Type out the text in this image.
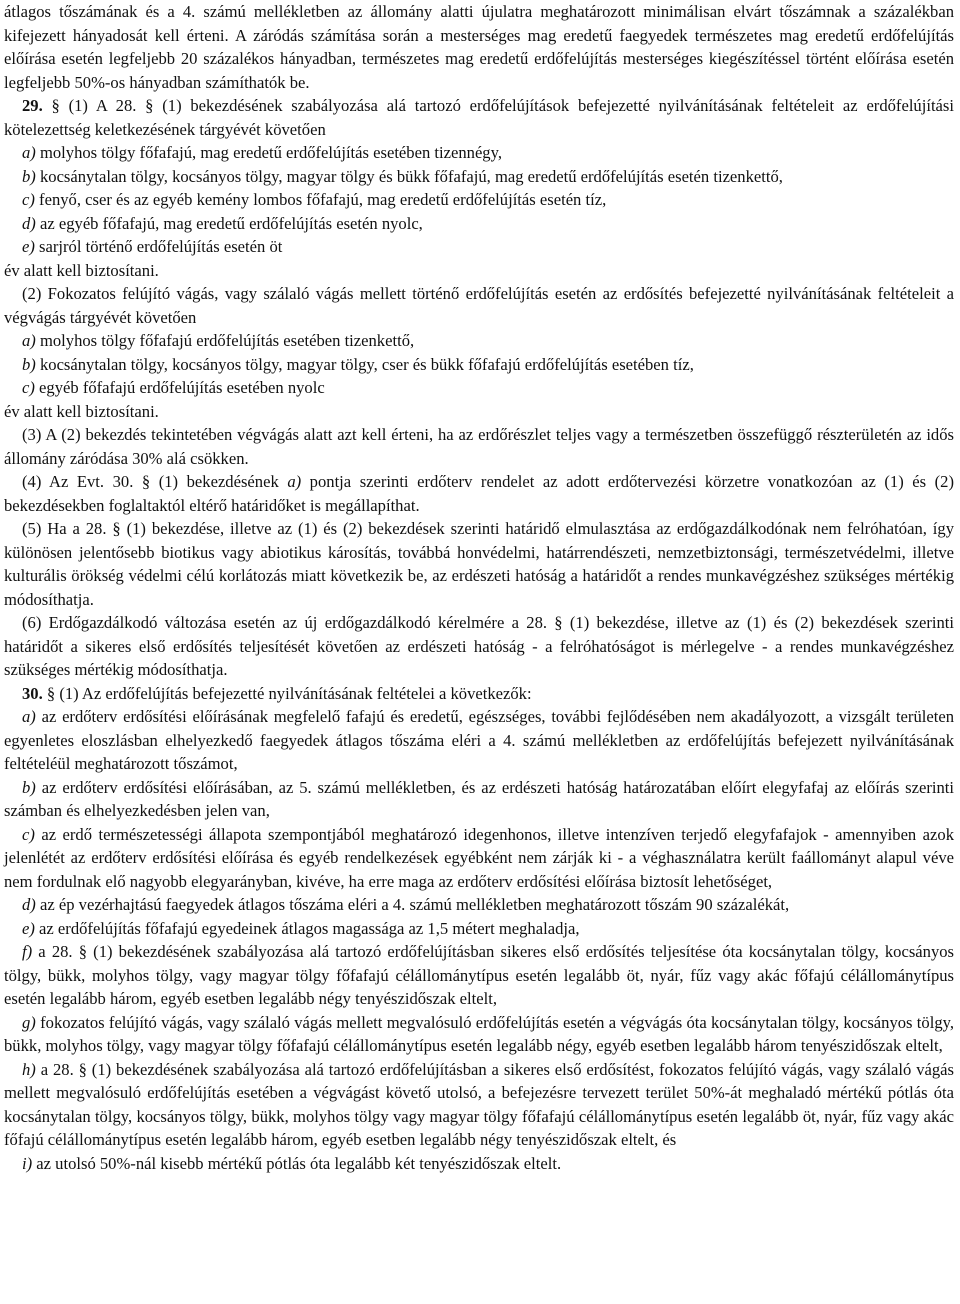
átlagos tőszámának és a 4. számú mellékletben az állomány alatti újulatra meghatározott minimálisan elvárt tőszámnak a százalékban kifejezett hányadosát kell érteni. A záródás számítása során a mesterséges mag eredetű faegyedek természetes mag eredetű erdőfelújítás előírása esetén legfeljebb 20 százalékos hányadban, természetes mag eredetű erdőfelújítás mesterséges kiegészítéssel történt előírása esetén legfeljebb 50%-os hányadban számíthatók be.

29. § (1) A 28. § (1) bekezdésének szabályozása alá tartozó erdőfelújítások befejezetté nyilvánításának feltételeit az erdőfelújítási kötelezettség keletkezésének tárgyévét követően

a) molyhos tölgy főfafajú, mag eredetű erdőfelújítás esetében tizennégy,

b) kocsánytalan tölgy, kocsányos tölgy, magyar tölgy és bükk főfafajú, mag eredetű erdőfelújítás esetén tizenkettő,

c) fenyő, cser és az egyéb kemény lombos főfafajú, mag eredetű erdőfelújítás esetén tíz,

d) az egyéb főfafajú, mag eredetű erdőfelújítás esetén nyolc,

e) sarjról történő erdőfelújítás esetén öt

év alatt kell biztosítani.

(2) Fokozatos felújító vágás, vagy szálaló vágás mellett történő erdőfelújítás esetén az erdősítés befejezetté nyilvánításának feltételeit a végvágás tárgyévét követően

a) molyhos tölgy főfafajú erdőfelújítás esetében tizenkettő,

b) kocsánytalan tölgy, kocsányos tölgy, magyar tölgy, cser és bükk főfafajú erdőfelújítás esetében tíz,

c) egyéb főfafajú erdőfelújítás esetében nyolc

év alatt kell biztosítani.

(3) A (2) bekezdés tekintetében végvágás alatt azt kell érteni, ha az erdőrészlet teljes vagy a természetben összefüggő részterületén az idős állomány záródása 30% alá csökken.

(4) Az Evt. 30. § (1) bekezdésének a) pontja szerinti erdőterv rendelet az adott erdőtervezési körzetre vonatkozóan az (1) és (2) bekezdésekben foglaltaktól eltérő határidőket is megállapíthat.

(5) Ha a 28. § (1) bekezdése, illetve az (1) és (2) bekezdések szerinti határidő elmulasztása az erdőgazdálkodónak nem felróhatóan, így különösen jelentősebb biotikus vagy abiotikus károsítás, továbbá honvédelmi, határrendészeti, nemzetbiztonsági, természetvédelmi, illetve kulturális örökség védelmi célú korlátozás miatt következik be, az erdészeti hatóság a határidőt a rendes munkavégzéshez szükséges mértékig módosíthatja.

(6) Erdőgazdálkodó változása esetén az új erdőgazdálkodó kérelmére a 28. § (1) bekezdése, illetve az (1) és (2) bekezdések szerinti határidőt a sikeres első erdősítés teljesítését követően az erdészeti hatóság - a felróhatóságot is mérlegelve - a rendes munkavégzéshez szükséges mértékig módosíthatja.

30. § (1) Az erdőfelújítás befejezetté nyilvánításának feltételei a következők:

a) az erdőterv erdősítési előírásának megfelelő fafajú és eredetű, egészséges, további fejlődésében nem akadályozott, a vizsgált területen egyenletes eloszlásban elhelyezkedő faegyedek átlagos tőszáma eléri a 4. számú mellékletben az erdőfelújítás befejezett nyilvánításának feltételéül meghatározott tőszámot,

b) az erdőterv erdősítési előírásában, az 5. számú mellékletben, és az erdészeti hatóság határozatában előírt elegyfafaj az előírás szerinti számban és elhelyezkedésben jelen van,

c) az erdő természetességi állapota szempontjából meghatározó idegenhonos, illetve intenzíven terjedő elegyfafajok - amennyiben azok jelenlétét az erdőterv erdősítési előírása és egyéb rendelkezések egyébként nem zárják ki - a véghasználatra került faállományt alapul véve nem fordulnak elő nagyobb elegyarányban, kivéve, ha erre maga az erdőterv erdősítési előírása biztosít lehetőséget,

d) az ép vezérhajtású faegyedek átlagos tőszáma eléri a 4. számú mellékletben meghatározott tőszám 90 százalékát,

e) az erdőfelújítás főfafajú egyedeinek átlagos magassága az 1,5 métert meghaladja,

f) a 28. § (1) bekezdésének szabályozása alá tartozó erdőfelújításban sikeres első erdősítés teljesítése óta kocsánytalan tölgy, kocsányos tölgy, bükk, molyhos tölgy, vagy magyar tölgy főfafajú célállománytípus esetén legalább öt, nyár, fűz vagy akác főfajú célállománytípus esetén legalább három, egyéb esetben legalább négy tenyészidőszak eltelt,

g) fokozatos felújító vágás, vagy szálaló vágás mellett megvalósuló erdőfelújítás esetén a végvágás óta kocsánytalan tölgy, kocsányos tölgy, bükk, molyhos tölgy, vagy magyar tölgy főfafajú célállománytípus esetén legalább négy, egyéb esetben legalább három tenyészidőszak eltelt,

h) a 28. § (1) bekezdésének szabályozása alá tartozó erdőfelújításban a sikeres első erdősítést, fokozatos felújító vágás, vagy szálaló vágás mellett megvalósuló erdőfelújítás esetében a végvágást követő utolsó, a befejezésre tervezett terület 50%-át meghaladó mértékű pótlás óta kocsánytalan tölgy, kocsányos tölgy, bükk, molyhos tölgy vagy magyar tölgy főfafajú célállománytípus esetén legalább öt, nyár, fűz vagy akác főfajú célállománytípus esetén legalább három, egyéb esetben legalább négy tenyészidőszak eltelt, és

i) az utolsó 50%-nál kisebb mértékű pótlás óta legalább két tenyészidőszak eltelt.
